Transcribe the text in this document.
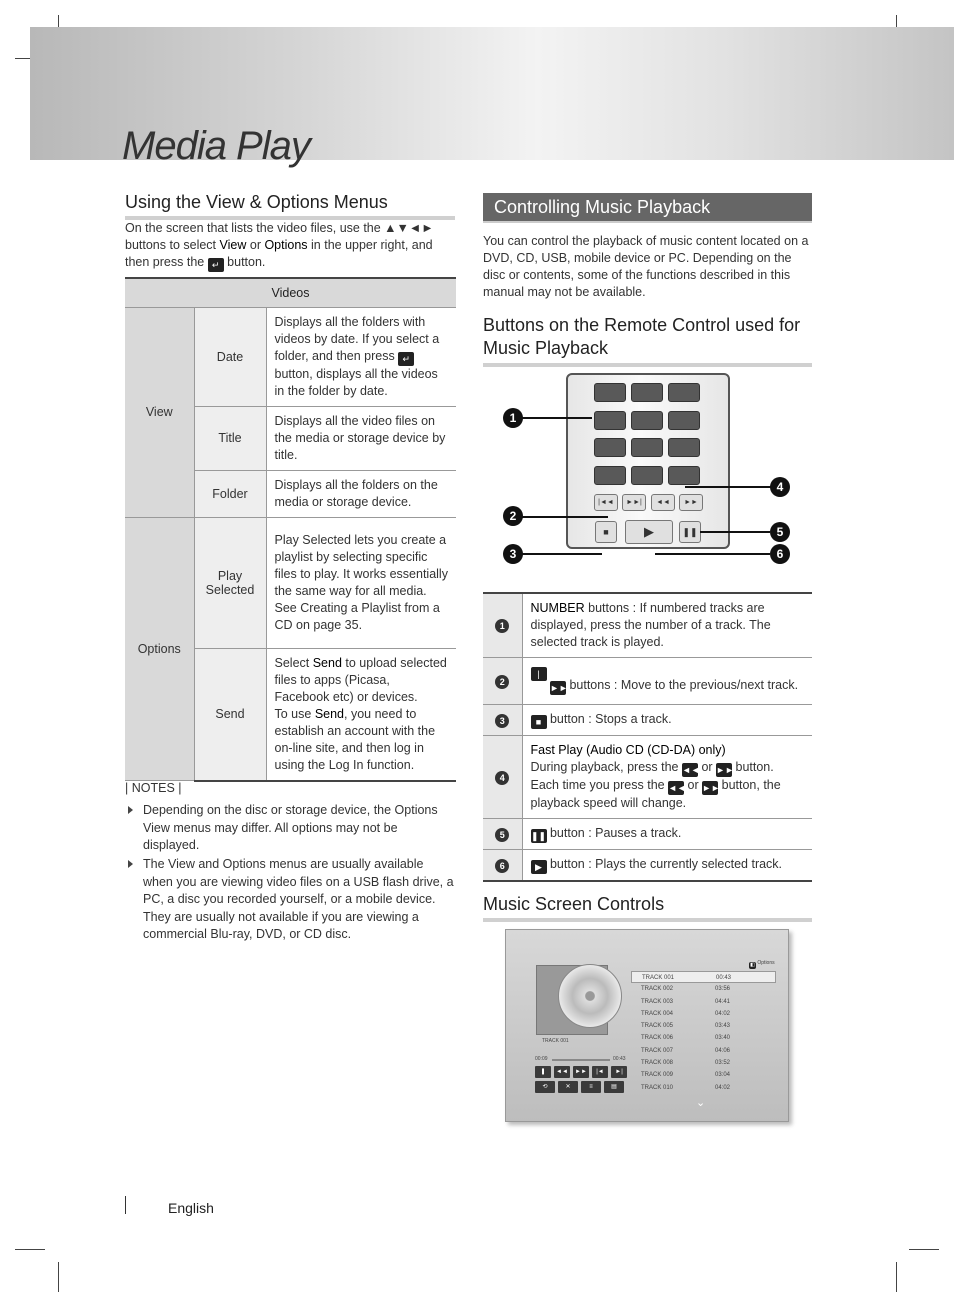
Media Play
Using the View & Options Menus
On the screen that lists the video files, use the ▲▼◄►
buttons to select View or Options in the upper right, and
then press the ↵ button.
Videos		
View	Date	Displays all the folders with videos by date. If you select a folder, and then press ↵ button, displays all the videos in the folder by date.
	Title	Displays all the video files on the media or storage device by title.
	Folder	Displays all the folders on the media or storage device.
Options	Play Selected	Play Selected lets you create a playlist by selecting specific files to play. It works essentially the same way for all media. See Creating a Playlist from a CD on page 35.
	Send	Select Send to upload selected files to apps (Picasa, Facebook etc) or devices.
To use Send, you need to establish an account with the on-line site, and then log in using the Log In function.
| NOTES |
Depending on the disc or storage device, the Options View menus may differ. All options may not be displayed.
The View and Options menus are usually available when you are viewing video files on a USB flash drive, a PC, a disc you recorded yourself, or a mobile device. They are usually not available if you are viewing a commercial Blu-ray, DVD, or CD disc.
Controlling Music Playback
You can control the playback of music content located on a DVD, CD, USB, mobile device or PC. Depending on the disc or contents, some of the functions described in this manual may not be available.
Buttons on the Remote Control used for Music Playback
|◄◄	►►|	◄◄	►►
■	▶	❚❚
1
2
3
4
5
6
1	NUMBER buttons : If numbered tracks are displayed, press the number of a track. The selected track is played.
2	|◄◄ ►►| buttons : Move to the previous/next track.
3	■ button : Stops a track.
4	Fast Play (Audio CD (CD-DA) only)
During playback, press the ◄◄ or ►► button.
Each time you press the ◄◄ or ►► button, the playback speed will change.
5	❚❚ button : Pauses a track.
6	▶ button : Plays the currently selected track.
Music Screen Controls
◧ Options
TRACK 001
00:09	00:43
❚	◄◄	►►	|◄	►|
⟲	✕	≡	▤
TRACK 001	00:43
TRACK 002	03:56
TRACK 003	04:41
TRACK 004	04:02
TRACK 005	03:43
TRACK 006	03:40
TRACK 007	04:06
TRACK 008	03:52
TRACK 009	03:04
TRACK 010	04:02
⌄
English
